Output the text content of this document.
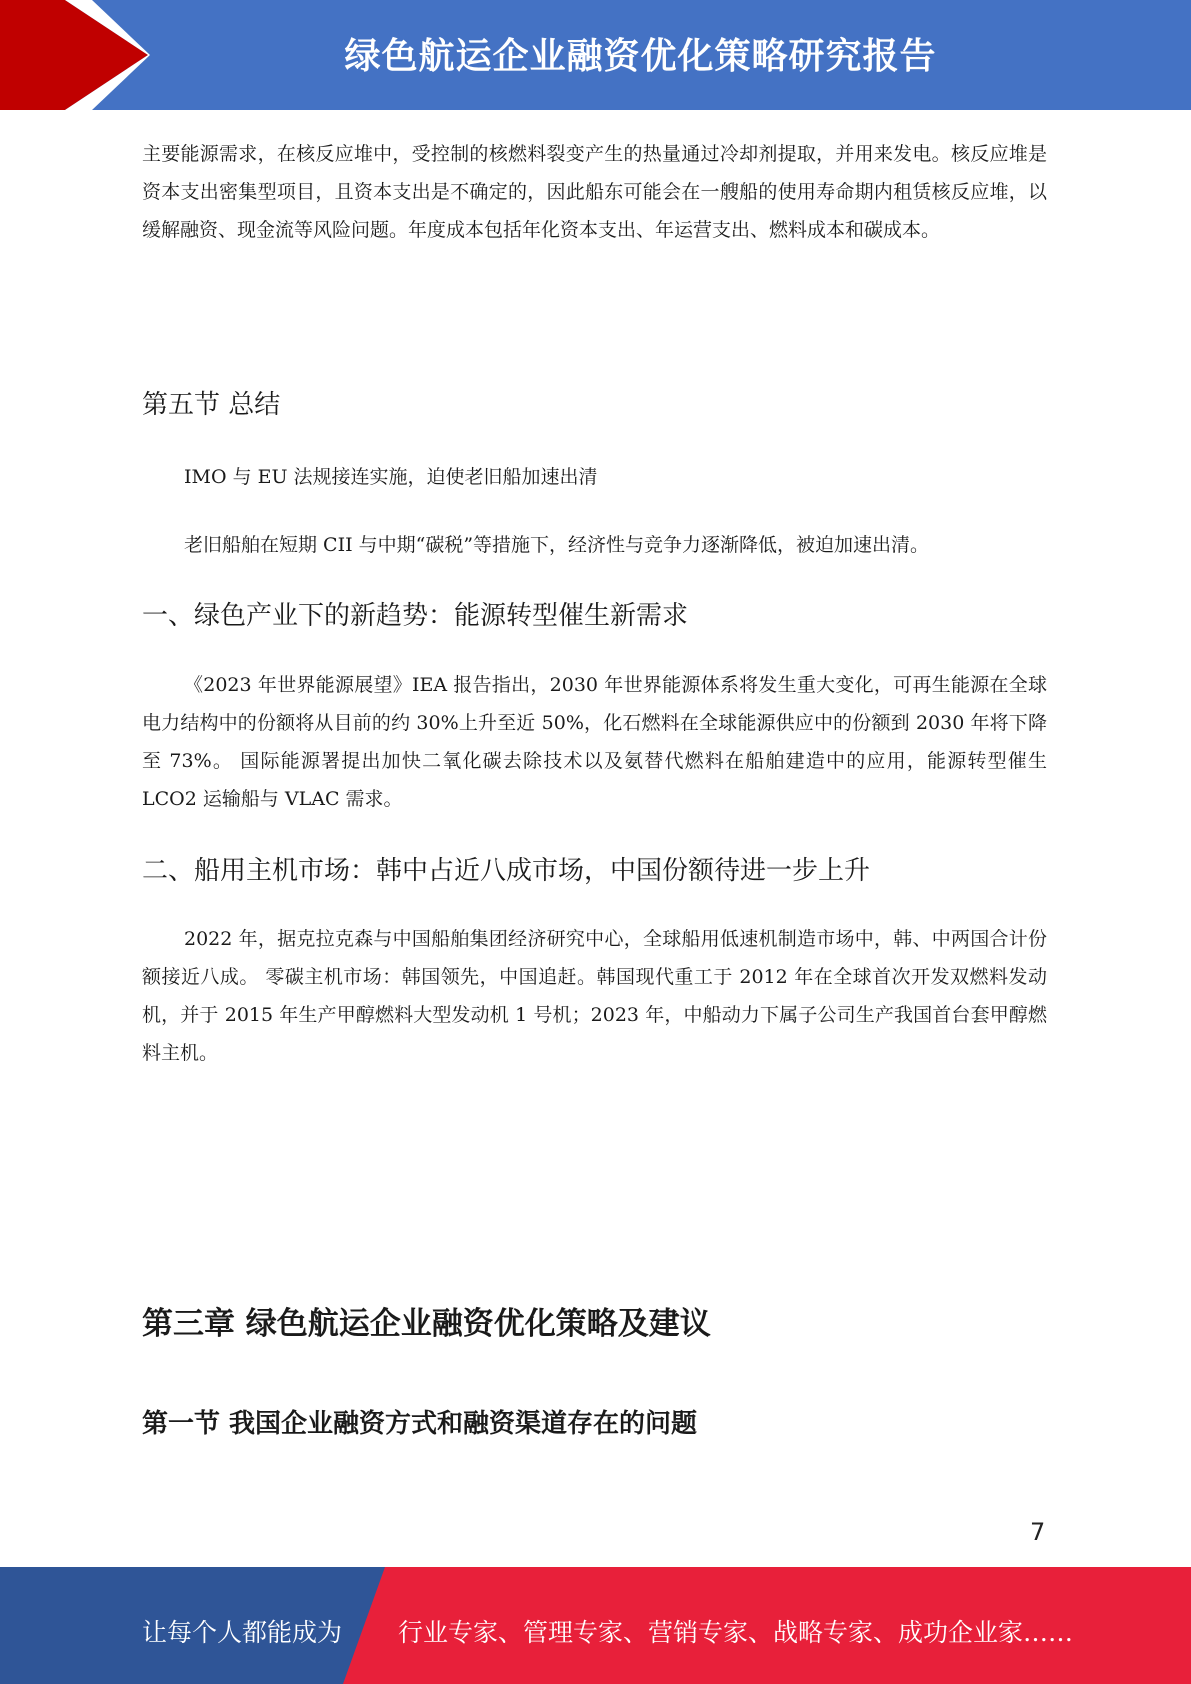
绿色航运企业融资优化策略研究报告

主要能源需求，在核反应堆中，受控制的核燃料裂变产生的热量通过冷却剂提取，并用来发电。核反应堆是资本支出密集型项目，且资本支出是不确定的，因此船东可能会在一艘船的使用寿命期内租赁核反应堆，以缓解融资、现金流等风险问题。年度成本包括年化资本支出、年运营支出、燃料成本和碳成本。

第五节 总结

IMO 与 EU 法规接连实施，迫使老旧船加速出清

老旧船舶在短期 CII 与中期“碳税”等措施下，经济性与竞争力逐渐降低，被迫加速出清。

一、绿色产业下的新趋势：能源转型催生新需求

《2023 年世界能源展望》IEA 报告指出，2030 年世界能源体系将发生重大变化，可再生能源在全球电力结构中的份额将从目前的约 30%上升至近 50%，化石燃料在全球能源供应中的份额到 2030 年将下降至 73%。 国际能源署提出加快二氧化碳去除技术以及氨替代燃料在船舶建造中的应用，能源转型催生 LCO2 运输船与 VLAC 需求。

二、船用主机市场：韩中占近八成市场，中国份额待进一步上升

2022 年，据克拉克森与中国船舶集团经济研究中心，全球船用低速机制造市场中，韩、中两国合计份额接近八成。 零碳主机市场：韩国领先，中国追赶。韩国现代重工于 2012 年在全球首次开发双燃料发动机，并于 2015 年生产甲醇燃料大型发动机 1 号机；2023 年，中船动力下属子公司生产我国首台套甲醇燃料主机。

第三章 绿色航运企业融资优化策略及建议
第一节 我国企业融资方式和融资渠道存在的问题
7
让每个人都能成为 行业专家、管理专家、营销专家、战略专家、成功企业家……
